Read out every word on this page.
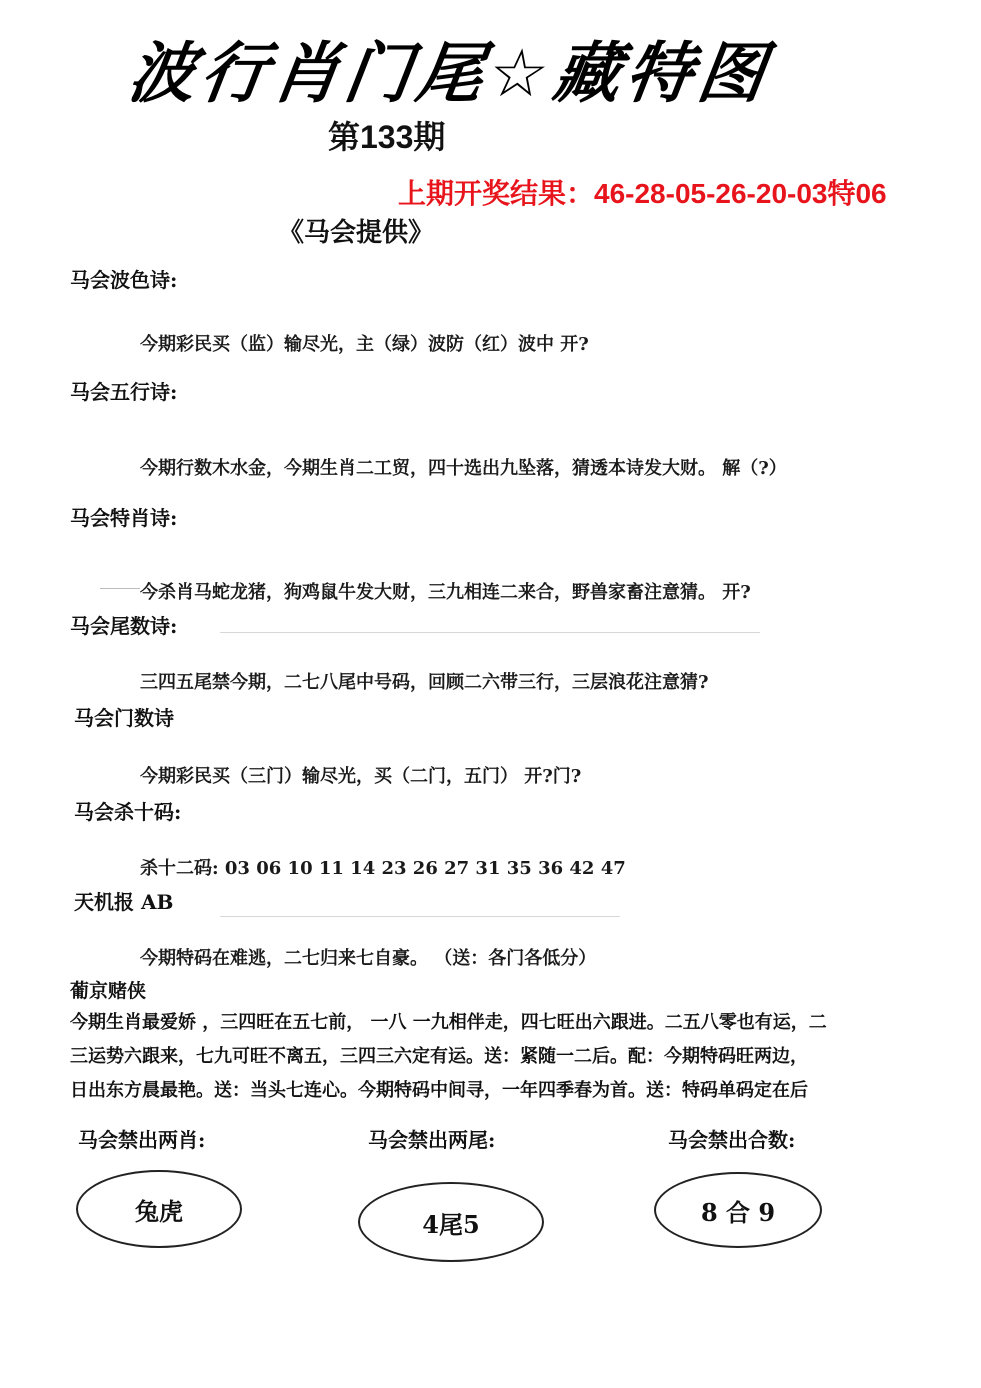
波行肖门尾☆藏特图
第133期
上期开奖结果：46-28-05-26-20-03特06
《马会提供》
马会波色诗:
今期彩民买（监）输尽光，主（绿）波防（红）波中 开?
马会五行诗:
今期行数木水金，今期生肖二工贸，四十选出九坠落，猜透本诗发大财。 解（?）
马会特肖诗:
今杀肖马蛇龙猪，狗鸡鼠牛发大财，三九相连二来合，野兽家畜注意猜。 开?
马会尾数诗:
三四五尾禁今期，二七八尾中号码，回顾二六带三行，三层浪花注意猜?
马会门数诗
今期彩民买（三门）输尽光，买（二门，五门） 开?门?
马会杀十码:
杀十二码: 03 06 10 11 14 23 26 27 31 35 36 42 47
天机报 AB
今期特码在难逃，二七归来七自豪。 （送：各门各低分）
葡京赌侠
今期生肖最爱娇 ，三四旺在五七前， 一八 一九相伴走，四七旺出六跟进。二五八零也有运，二
三运势六跟来，七九可旺不离五，三四三六定有运。送：紧随一二后。配：今期特码旺两边，
日出东方晨最艳。送：当头七连心。今期特码中间寻，一年四季春为首。送：特码单码定在后
马会禁出两肖:	马会禁出两尾:	马会禁出合数:
兔虎	4尾5	8 合 9
